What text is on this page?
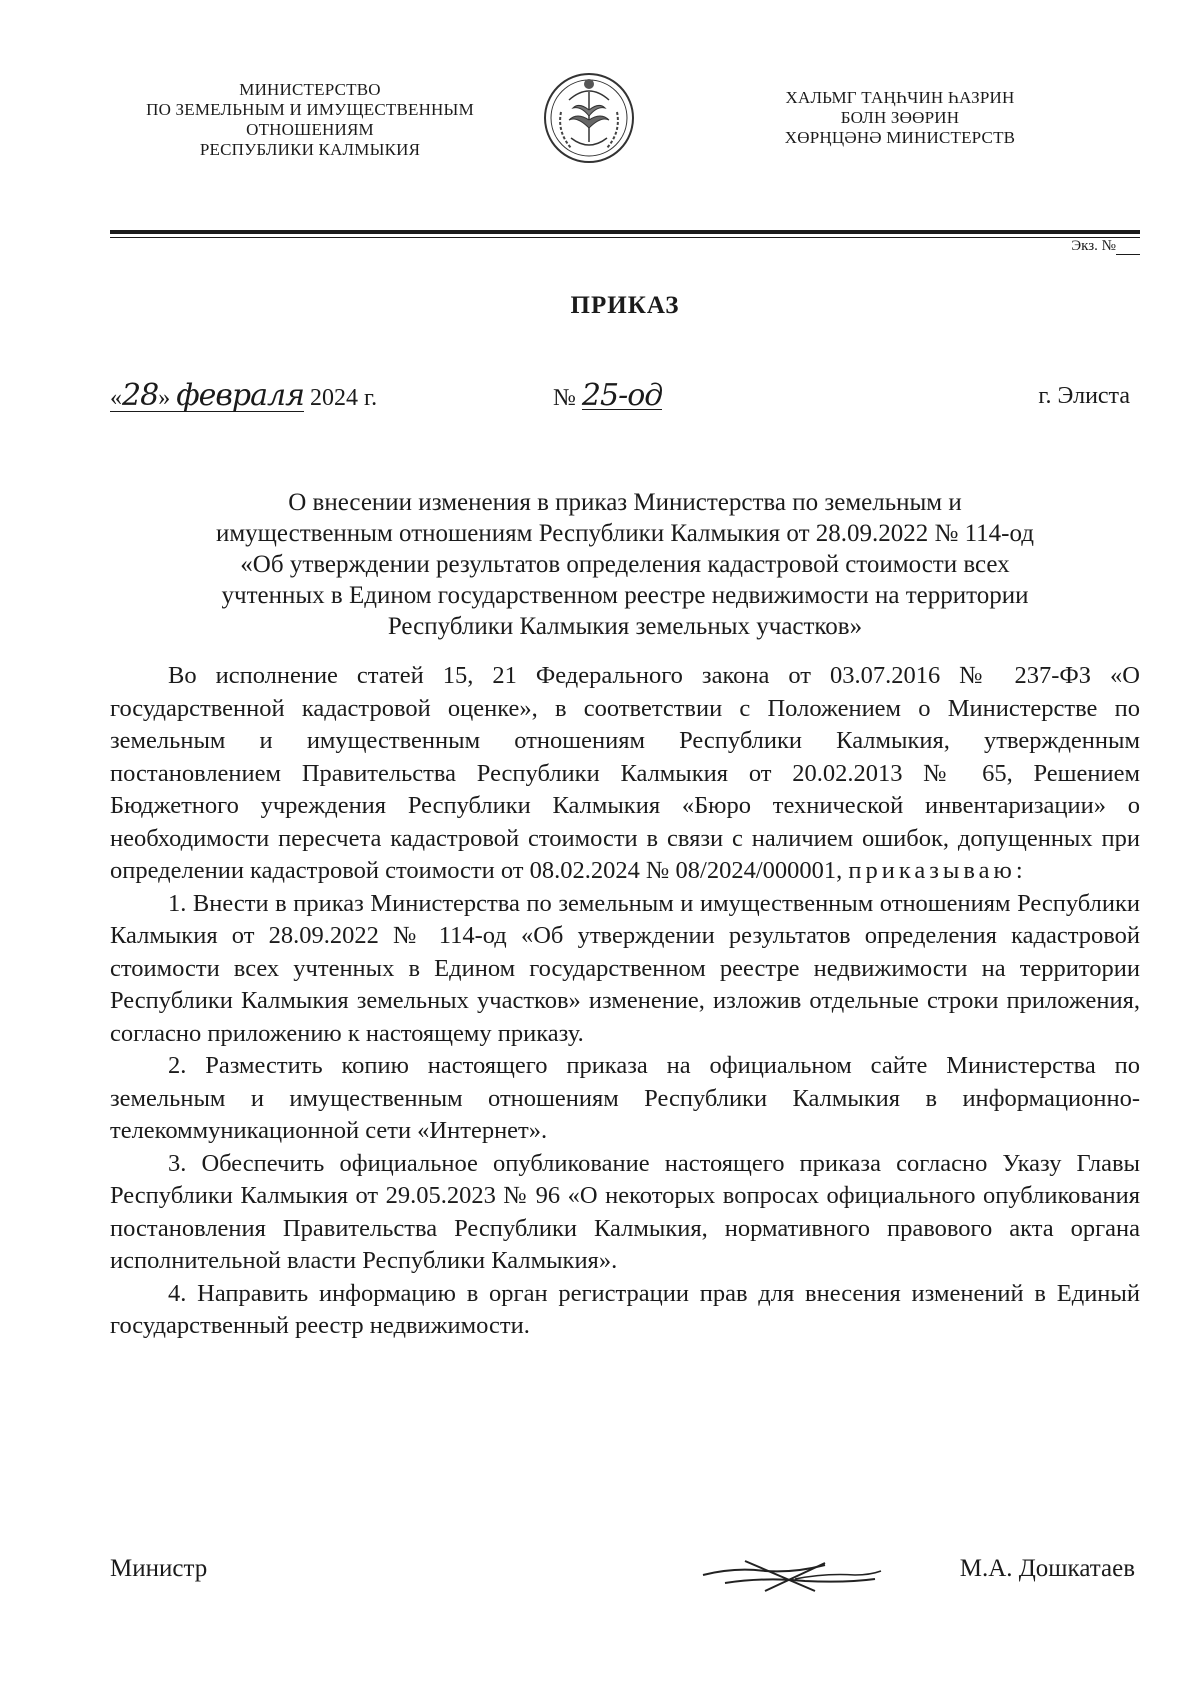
МИНИСТЕРСТВО
ПО ЗЕМЕЛЬНЫМ И ИМУЩЕСТВЕННЫМ
ОТНОШЕНИЯМ
РЕСПУБЛИКИ КАЛМЫКИЯ
ХАЛЬМГ ТАҢҺЧИН ҺАЗРИН
БОЛН ЗӨӨРИН
ХӨРҢЦӘНӘ МИНИСТЕРСТВ
Экз. №
ПРИКАЗ
«28» февраля 2024 г.	№ 25-од	г. Элиста
О внесении изменения в приказ Министерства по земельным и
имущественным отношениям Республики Калмыкия от 28.09.2022 № 114-од
«Об утверждении результатов определения кадастровой стоимости всех
учтенных в Едином государственном реестре недвижимости на территории
Республики Калмыкия земельных участков»

Во исполнение статей 15, 21 Федерального закона от 03.07.2016 № 237-ФЗ «О государственной кадастровой оценке», в соответствии с Положением о Министерстве по земельным и имущественным отношениям Республики Калмыкия, утвержденным постановлением Правительства Республики Калмыкия от 20.02.2013 № 65, Решением Бюджетного учреждения Республики Калмыкия «Бюро технической инвентаризации» о необходимости пересчета кадастровой стоимости в связи с наличием ошибок, допущенных при определении кадастровой стоимости от 08.02.2024 № 08/2024/000001, приказываю:

1. Внести в приказ Министерства по земельным и имущественным отношениям Республики Калмыкия от 28.09.2022 № 114-од «Об утверждении результатов определения кадастровой стоимости всех учтенных в Едином государственном реестре недвижимости на территории Республики Калмыкия земельных участков» изменение, изложив отдельные строки приложения, согласно приложению к настоящему приказу.

2. Разместить копию настоящего приказа на официальном сайте Министерства по земельным и имущественным отношениям Республики Калмыкия в информационно-телекоммуникационной сети «Интернет».

3. Обеспечить официальное опубликование настоящего приказа согласно Указу Главы Республики Калмыкия от 29.05.2023 № 96 «О некоторых вопросах официального опубликования постановления Правительства Республики Калмыкия, нормативного правового акта органа исполнительной власти Республики Калмыкия».

4. Направить информацию в орган регистрации прав для внесения изменений в Единый государственный реестр недвижимости.

Министр	М.А. Дошкатаев
